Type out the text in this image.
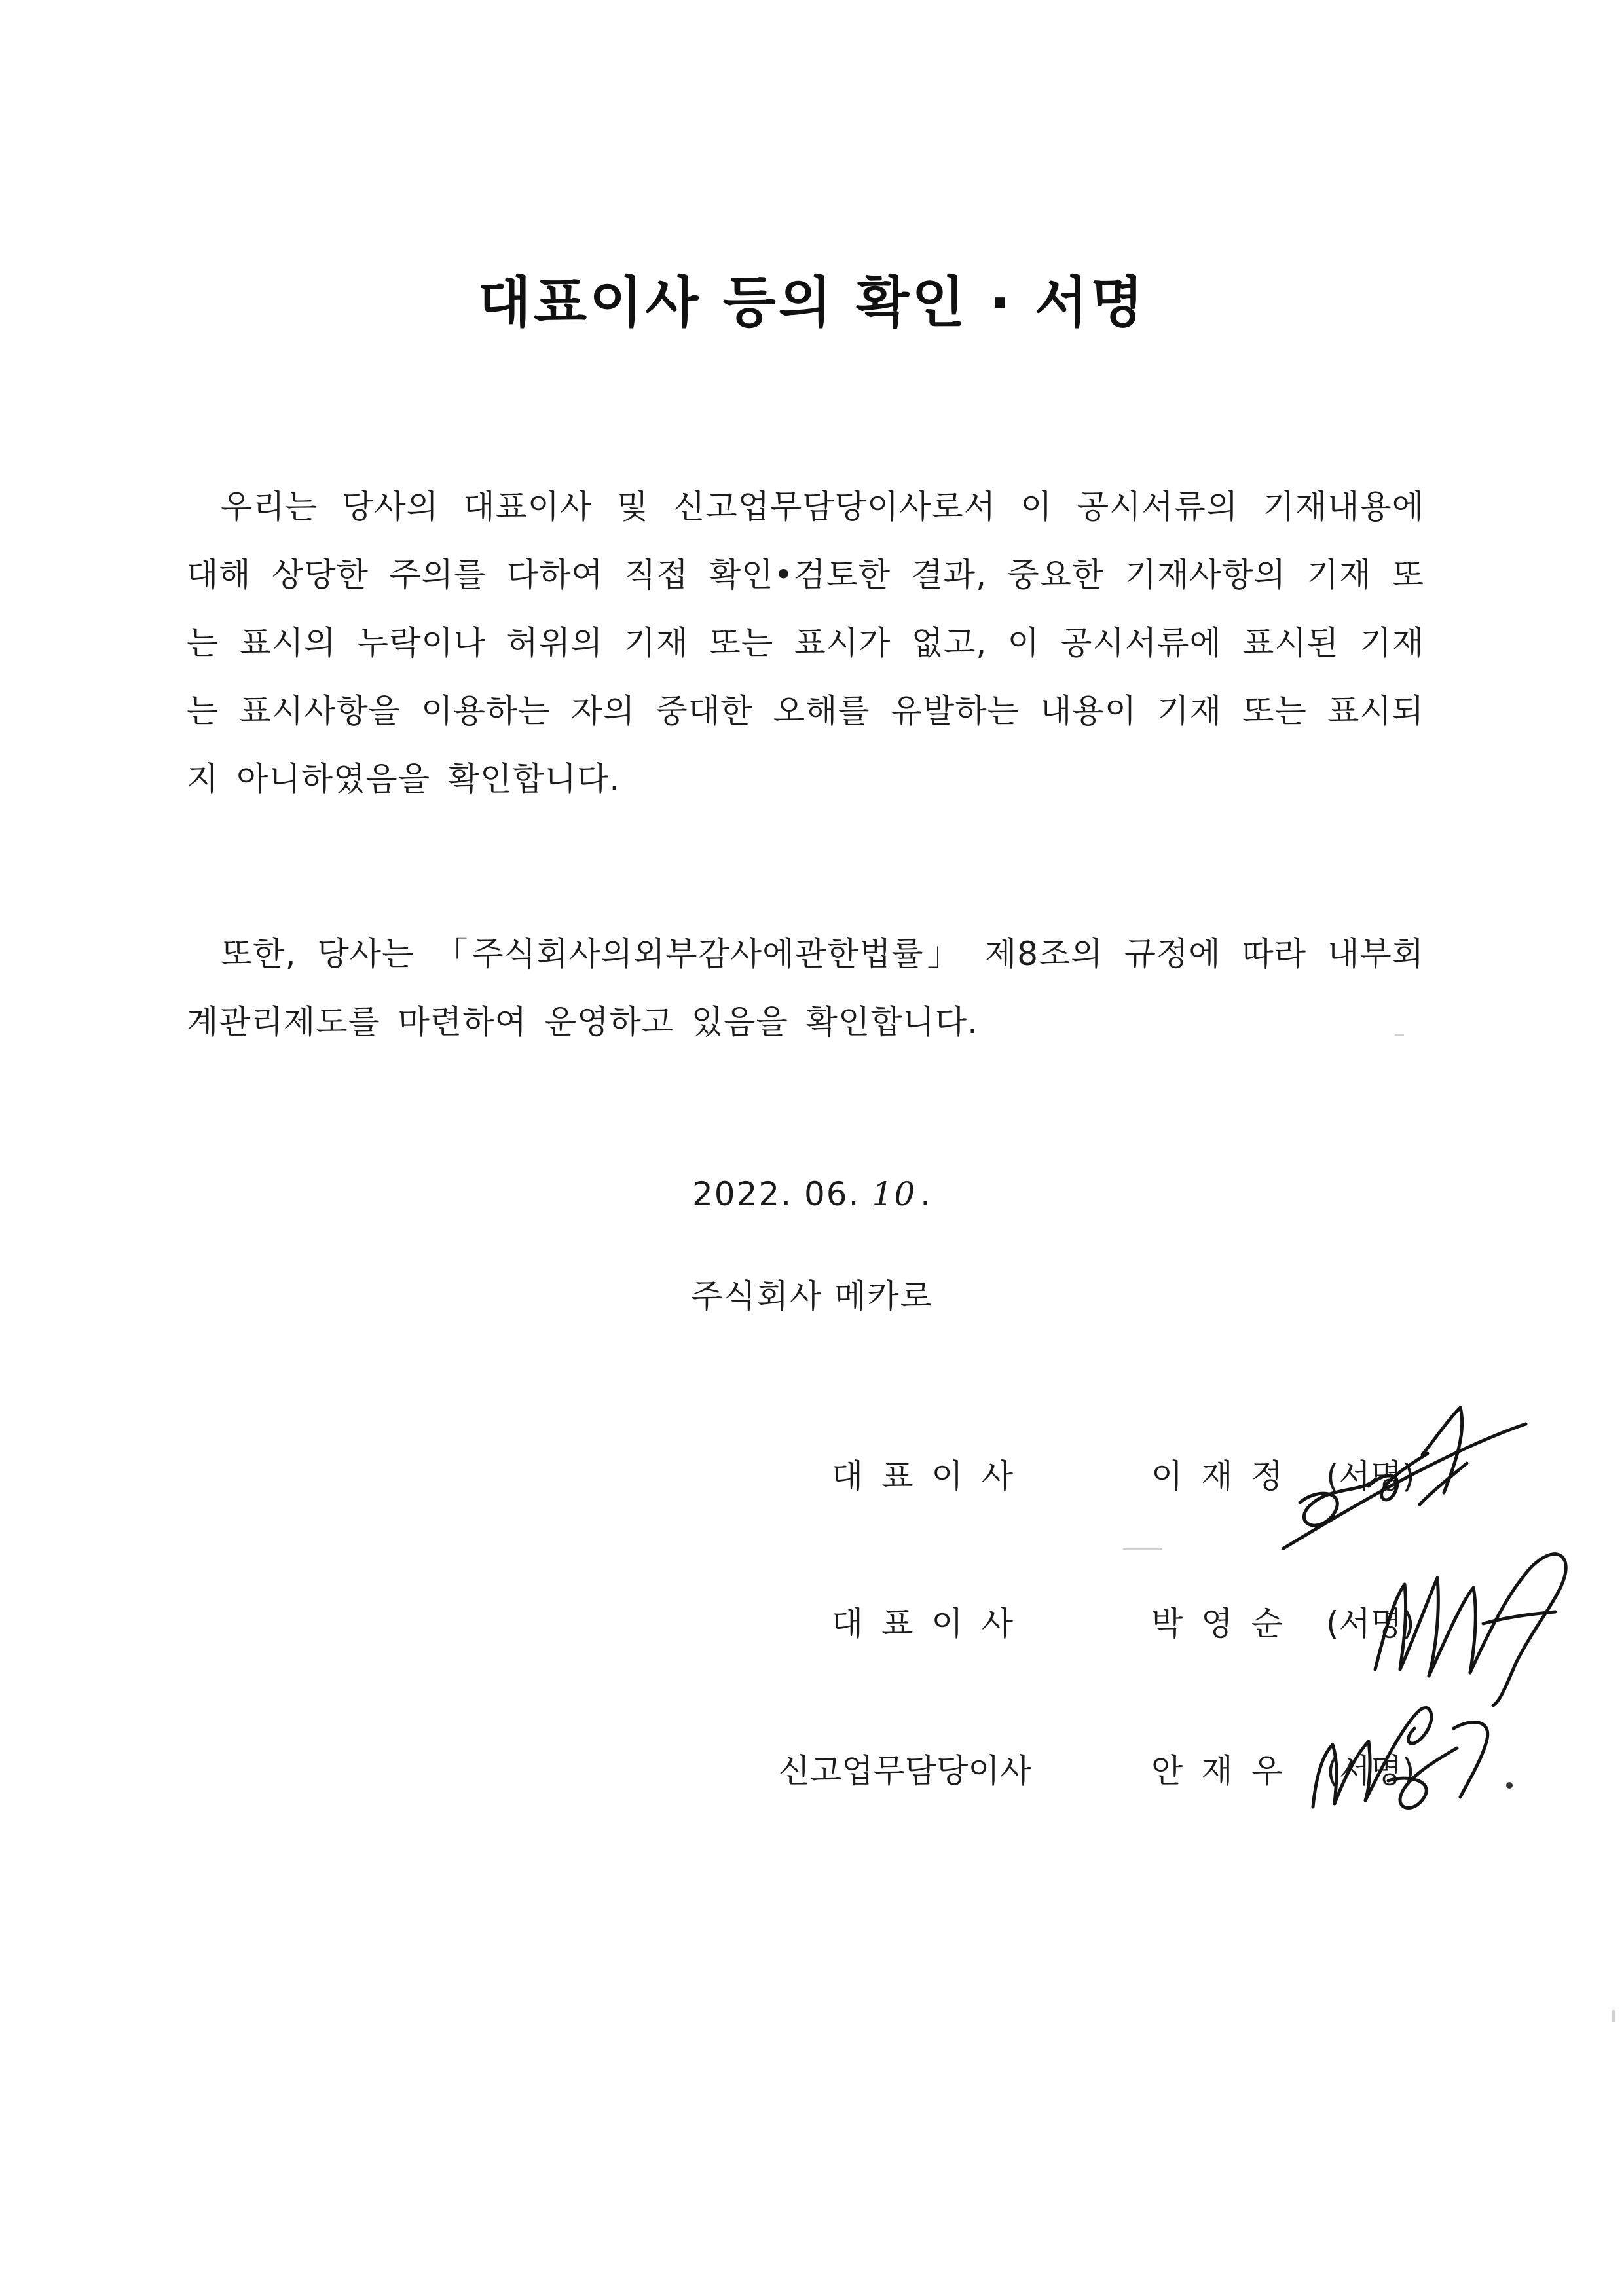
대표이사 등의 확인 · 서명
우리는 당사의 대표이사 및 신고업무담당이사로서 이 공시서류의 기재내용에 대해 상당한 주의를 다하여 직접 확인•검토한 결과, 중요한 기재사항의 기재 또는 표시의 누락이나 허위의 기재 또는 표시가 없고, 이 공시서류에 표시된 기재는 표시사항을 이용하는 자의 중대한 오해를 유발하는 내용이 기재 또는 표시되지 아니하였음을 확인합니다.
또한, 당사는 「주식회사의외부감사에관한법률」 제8조의 규정에 따라 내부회계관리제도를 마련하여 운영하고 있음을 확인합니다.
2022. 06. 10 .
주식회사 메카로
대표이사	이재정 (서명)
대표이사	박영순 (서명)
신고업무담당이사	안재우 (서명)
